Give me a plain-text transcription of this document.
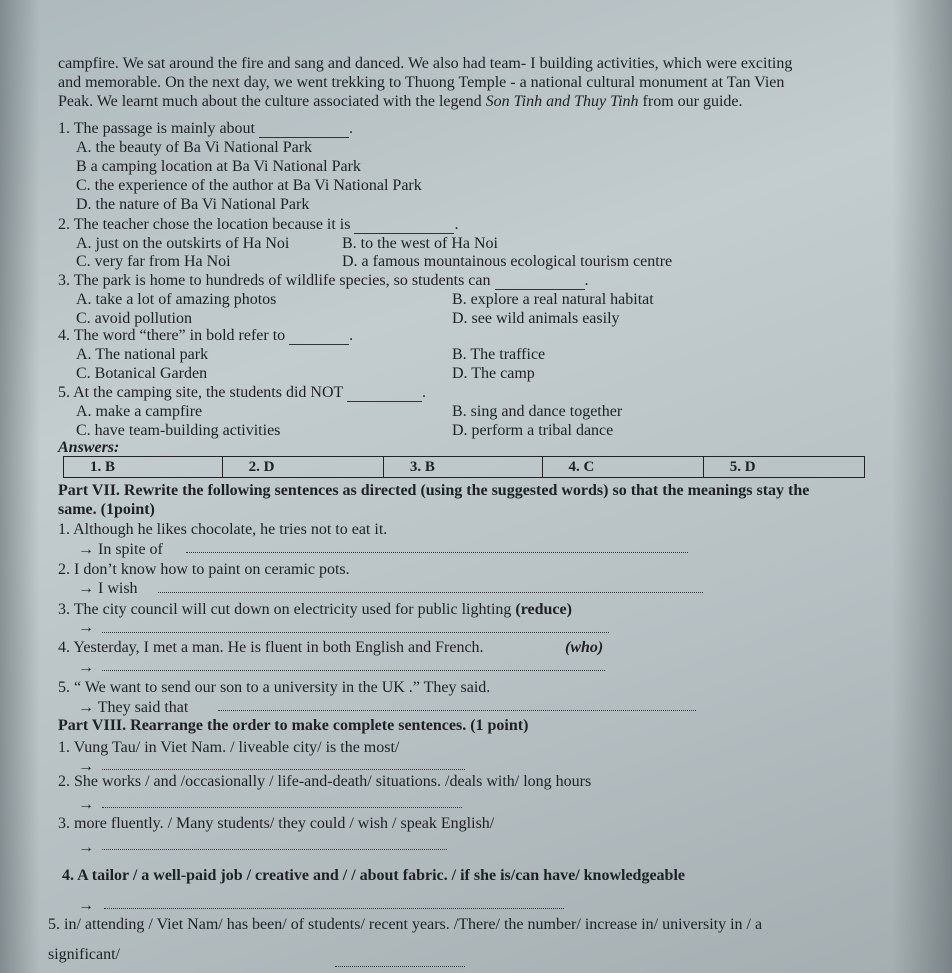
campfire. We sat around the fire and sang and danced. We also had team- I building activities, which were exciting
and memorable. On the next day, we went trekking to Thuong Temple - a national cultural monument at Tan Vien
Peak. We learnt much about the culture associated with the legend Son Tinh and Thuy Tinh from our guide.
1. The passage is mainly about	.
A. the beauty of Ba Vi National Park
B a camping location at Ba Vi National Park
C. the experience of the author at Ba Vi National Park
D. the nature of Ba Vi National Park
2. The teacher chose the location because it is	.
A. just on the outskirts of Ha Noi	B. to the west of Ha Noi
C. very far from Ha Noi	D. a famous mountainous ecological tourism centre
3. The park is home to hundreds of wildlife species, so students can	.
A. take a lot of amazing photos	B. explore a real natural habitat
C. avoid pollution	D. see wild animals easily
4. The word “there” in bold refer to	.
A. The national park	B. The traffice
C. Botanical Garden	D. The camp
5. At the camping site, the students did NOT	.
A. make a campfire	B. sing and dance together
C. have team-building activities	D. perform a tribal dance
Answers:
1. B	2. D	3. B	4. C	5. D
Part VII. Rewrite the following sentences as directed (using the suggested words) so that the meanings stay the
same. (1point)
1. Although he likes chocolate, he tries not to eat it.
→ In spite of
2. I don’t know how to paint on ceramic pots.
→ I wish
3. The city council will cut down on electricity used for public lighting (reduce)
→
4. Yesterday, I met a man. He is fluent in both English and French.	(who)
→
5. “ We want to send our son to a university in the UK .” They said.
→ They said that
Part VIII. Rearrange the order to make complete sentences. (1 point)
1. Vung Tau/ in Viet Nam. / liveable city/ is the most/
→
2. She works / and /occasionally / life-and-death/ situations. /deals with/ long hours
→
3. more fluently. / Many students/ they could / wish / speak English/
→
4. A tailor / a well-paid job / creative and / / about fabric. / if she is/can have/ knowledgeable
→
5. in/ attending / Viet Nam/ has been/ of students/ recent years. /There/ the number/ increase in/ university in / a
significant/
